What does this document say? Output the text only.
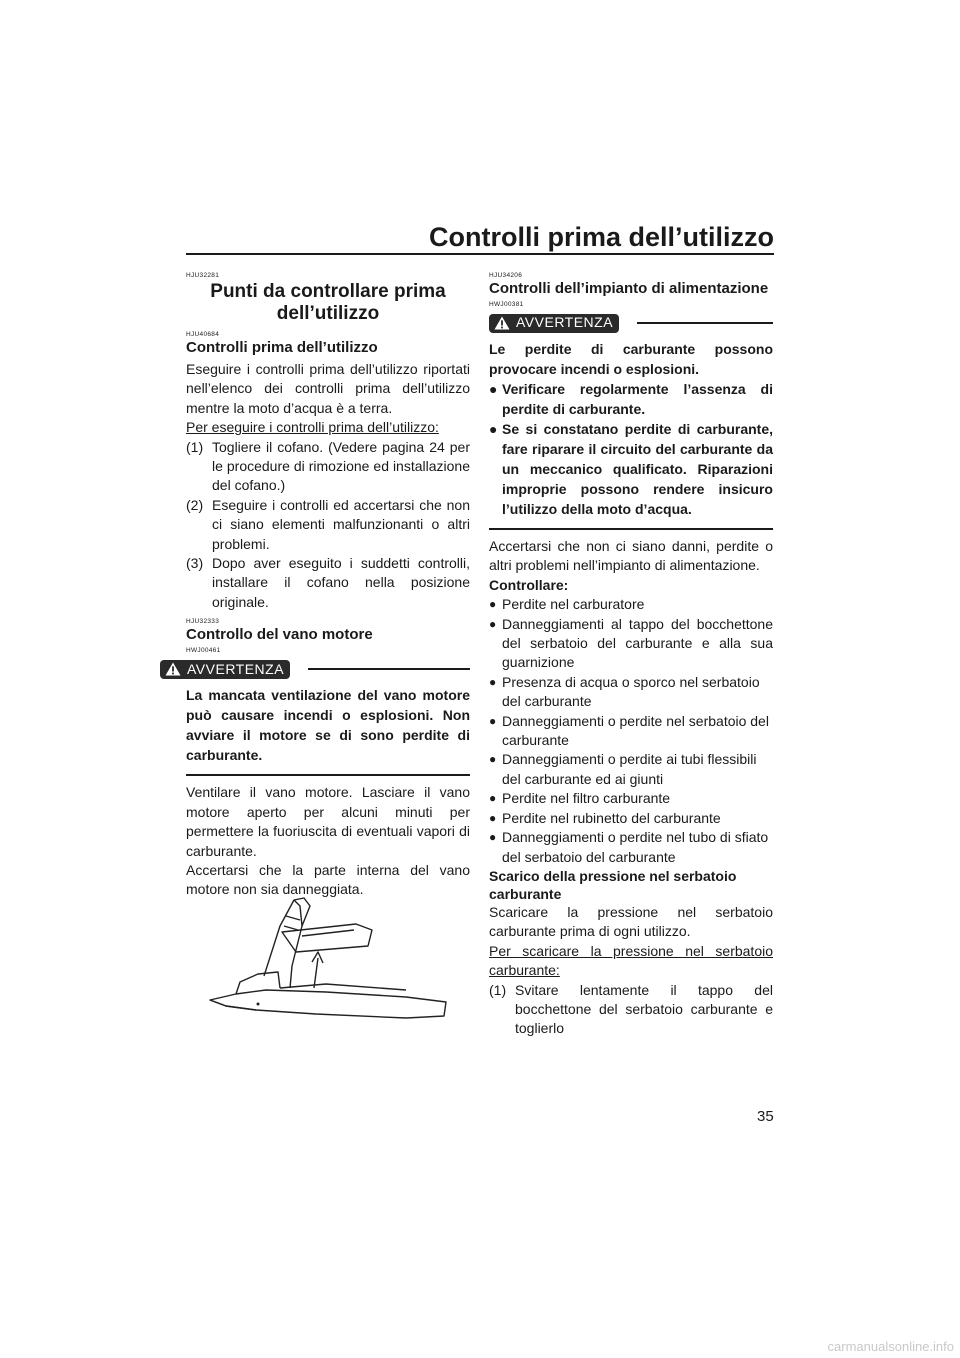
Controlli prima dell’utilizzo
HJU32281
Punti da controllare prima
dell’utilizzo
HJU40684
Controlli prima dell’utilizzo

Eseguire i controlli prima dell’utilizzo riportati nell’elenco dei controlli prima dell’utilizzo mentre la moto d’acqua è a terra.

Per eseguire i controlli prima dell’utilizzo:
(1) Togliere il cofano. (Vedere pagina 24 per le procedure di rimozione ed installazione del cofano.)
(2) Eseguire i controlli ed accertarsi che non ci siano elementi malfunzionanti o altri problemi.
(3) Dopo aver eseguito i suddetti controlli, installare il cofano nella posizione originale.
HJU32333
Controllo del vano motore
HWJ00461
AVVERTENZA
La mancata ventilazione del vano motore può causare incendi o esplosioni. Non avviare il motore se di sono perdite di carburante.

Ventilare il vano motore. Lasciare il vano motore aperto per alcuni minuti per permettere la fuoriuscita di eventuali vapori di carburante.

Accertarsi che la parte interna del vano motore non sia danneggiata.

HJU34206
Controlli dell’impianto di alimentazione
HWJ00381
AVVERTENZA
Le perdite di carburante possono provocare incendi o esplosioni.
● Verificare regolarmente l’assenza di perdite di carburante.
● Se si constatano perdite di carburante, fare riparare il circuito del carburante da un meccanico qualificato. Riparazioni improprie possono rendere insicuro l’utilizzo della moto d’acqua.

Accertarsi che non ci siano danni, perdite o altri problemi nell’impianto di alimentazione.

Controllare:
● Perdite nel carburatore
● Danneggiamenti al tappo del bocchettone del serbatoio del carburante e alla sua guarnizione
● Presenza di acqua o sporco nel serbatoio del carburante
● Danneggiamenti o perdite nel serbatoio del carburante
● Danneggiamenti o perdite ai tubi flessibili del carburante ed ai giunti
● Perdite nel filtro carburante
● Perdite nel rubinetto del carburante
● Danneggiamenti o perdite nel tubo di sfiato del serbatoio del carburante
Scarico della pressione nel serbatoio carburante

Scaricare la pressione nel serbatoio carburante prima di ogni utilizzo.

Per scaricare la pressione nel serbatoio carburante:
(1) Svitare lentamente il tappo del bocchettone del serbatoio carburante e toglierlo
35
carmanualsonline.info
